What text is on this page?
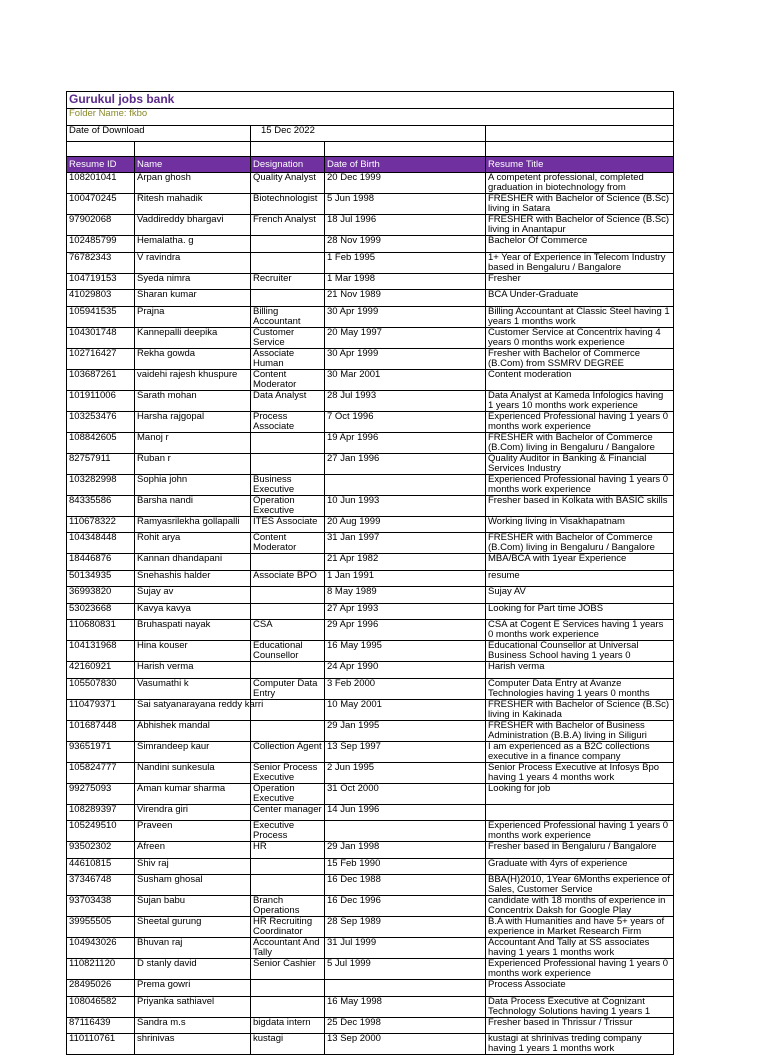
Gurukul jobs bank				
Folder Name: fkbo				
Date of Download		15 Dec 2022		

Resume ID	Name	Designation	Date of Birth	Resume Title
108201041	Arpan ghosh	Quality Analyst	20 Dec 1999	A competent professional, completed graduation in biotechnology from
100470245	Ritesh mahadik	Biotechnologist	5 Jun 1998	FRESHER with Bachelor of Science (B.Sc) living in Satara
97902068	Vaddireddy bhargavi	French Analyst	18 Jul 1996	FRESHER with Bachelor of Science (B.Sc) living in Anantapur
102485799	Hemalatha. g		28 Nov 1999	Bachelor Of Commerce
76782343	V ravindra		1 Feb 1995	1+ Year of Experience in Telecom Industry based in Bengaluru / Bangalore
104719153	Syeda nimra	Recruiter	1 Mar 1998	Fresher
41029803	Sharan kumar		21 Nov 1989	BCA Under-Graduate
105941535	Prajna	Billing Accountant	30 Apr 1999	Billing Accountant at Classic Steel having 1 years 1 months work
104301748	Kannepalli deepika	Customer Service	20 May 1997	Customer Service at Concentrix having 4 years 0 months work experience
102716427	Rekha gowda	Associate Human	30 Apr 1999	Fresher with Bachelor of Commerce (B.Com) from SSMRV DEGREE
103687261	vaidehi rajesh khuspure	Content Moderator	30 Mar 2001	Content moderation
101911006	Sarath mohan	Data Analyst	28 Jul 1993	Data Analyst at Kameda Infologics having 1 years 10 months work experience
103253476	Harsha rajgopal	Process Associate	7 Oct 1996	Experienced Professional having 1 years 0 months work experience
108842605	Manoj r		19 Apr 1996	FRESHER with Bachelor of Commerce (B.Com) living in Bengaluru / Bangalore
82757911	Ruban r		27 Jan 1996	Quality Auditor in Banking & Financial Services Industry
103282998	Sophia john	Business Executive		Experienced Professional having 1 years 0 months work experience
84335586	Barsha nandi	Operation Executive	10 Jun 1993	Fresher based in Kolkata with BASIC skills
110678322	Ramyasrilekha gollapalli	ITES Associate	20 Aug 1999	Working living in Visakhapatnam
104348448	Rohit arya	Content Moderator	31 Jan 1997	FRESHER with Bachelor of Commerce (B.Com) living in Bengaluru / Bangalore
18446876	Kannan dhandapani		21 Apr 1982	MBA/BCA with 1year Experience
50134935	Snehashis halder	Associate BPO	1 Jan 1991	resume
36993820	Sujay av		8 May 1989	Sujay AV
53023668	Kavya kavya		27 Apr 1993	Looking for Part time JOBS
110680831	Bruhaspati nayak	CSA	29 Apr 1996	CSA at Cogent E Services having 1 years 0 months work experience
104131968	Hina kouser	Educational Counsellor	16 May 1995	Educational Counsellor at Universal Business School having 1 years 0
42160921	Harish verma		24 Apr 1990	Harish verma
105507830	Vasumathi k	Computer Data Entry	3 Feb 2000	Computer Data Entry at Avanze Technologies having 1 years 0 months
110479371	Sai satyanarayana reddy karri		10 May 2001	FRESHER with Bachelor of Science (B.Sc) living in Kakinada
101687448	Abhishek mandal		29 Jan 1995	FRESHER with Bachelor of Business Administration (B.B.A) living in Siliguri
93651971	Simrandeep kaur	Collection Agent	13 Sep 1997	I am experienced as a B2C collections executive in a finance company
105824777	Nandini sunkesula	Senior Process Executive	2 Jun 1995	Senior Process Executive at Infosys Bpo having 1 years 4 months work
99275093	Aman kumar sharma	Operation Executive	31 Oct 2000	Looking for job
108289397	Virendra giri	Center manager	14 Jun 1996	
105249510	Praveen	Executive Process		Experienced Professional having 1 years 0 months work experience
93502302	Afreen	HR	29 Jan 1998	Fresher based in Bengaluru / Bangalore
44610815	Shiv raj		15 Feb 1990	Graduate with 4yrs of experience
37346748	Susham ghosal		16 Dec 1988	BBA(H)2010, 1Year 6Months experience of Sales, Customer Service
93703438	Sujan babu	Branch Operations	16 Dec 1996	candidate with 18 months of experience in Concentrix Daksh for Google Play
39955505	Sheetal gurung	HR Recruiting Coordinator	28 Sep 1989	B.A with Humanities and have 5+ years of experience in Market Research Firm
104943026	Bhuvan raj	Accountant And Tally	31 Jul 1999	Accountant And Tally at SS associates having 1 years 1 months work
110821120	D stanly david	Senior Cashier	5 Jul 1999	Experienced Professional having 1 years 0 months work experience
28495026	Prema gowri			Process Associate
108046582	Priyanka sathiavel		16 May 1998	Data Process Executive at Cognizant Technology Solutions having 1 years 1
87116439	Sandra m.s	bigdata intern	25 Dec 1998	Fresher based in Thrissur / Trissur
110110761	shrinivas	kustagi	13 Sep 2000	kustagi at shrinivas treding company having 1 years 1 months work
